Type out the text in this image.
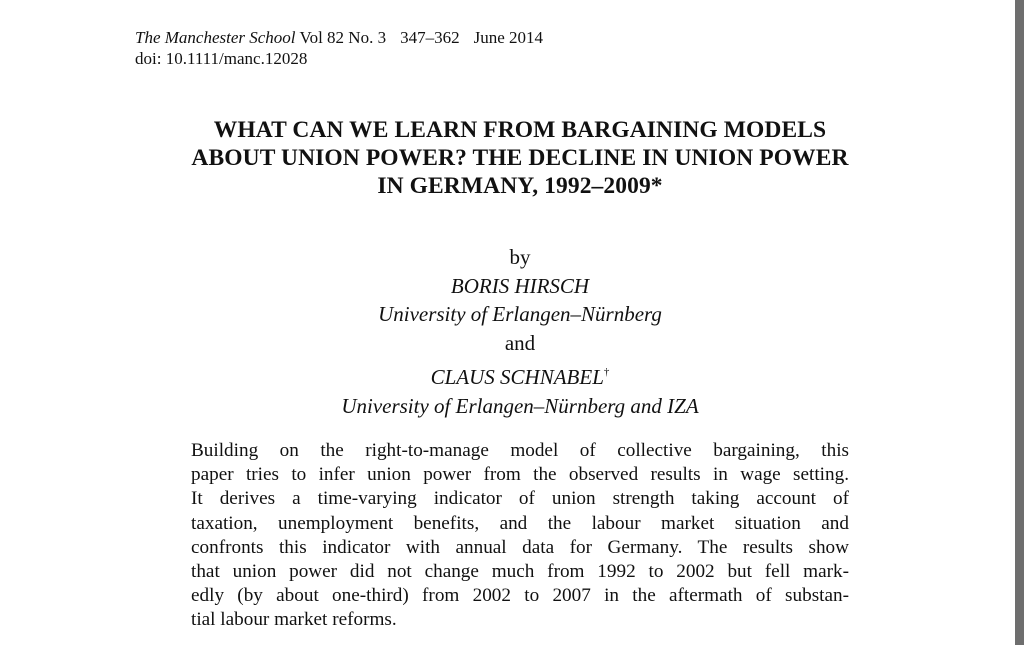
The Manchester School Vol 82 No. 3 347–362 June 2014
doi: 10.1111/manc.12028
WHAT CAN WE LEARN FROM BARGAINING MODELS
ABOUT UNION POWER? THE DECLINE IN UNION POWER
IN GERMANY, 1992–2009*
by
BORIS HIRSCH
University of Erlangen–Nürnberg
and
CLAUS SCHNABEL†
University of Erlangen–Nürnberg and IZA
Building on the right-to-manage model of collective bargaining, this
paper tries to infer union power from the observed results in wage setting.
It derives a time-varying indicator of union strength taking account of
taxation, unemployment benefits, and the labour market situation and
confronts this indicator with annual data for Germany. The results show
that union power did not change much from 1992 to 2002 but fell mark-
edly (by about one-third) from 2002 to 2007 in the aftermath of substan-
tial labour market reforms.
